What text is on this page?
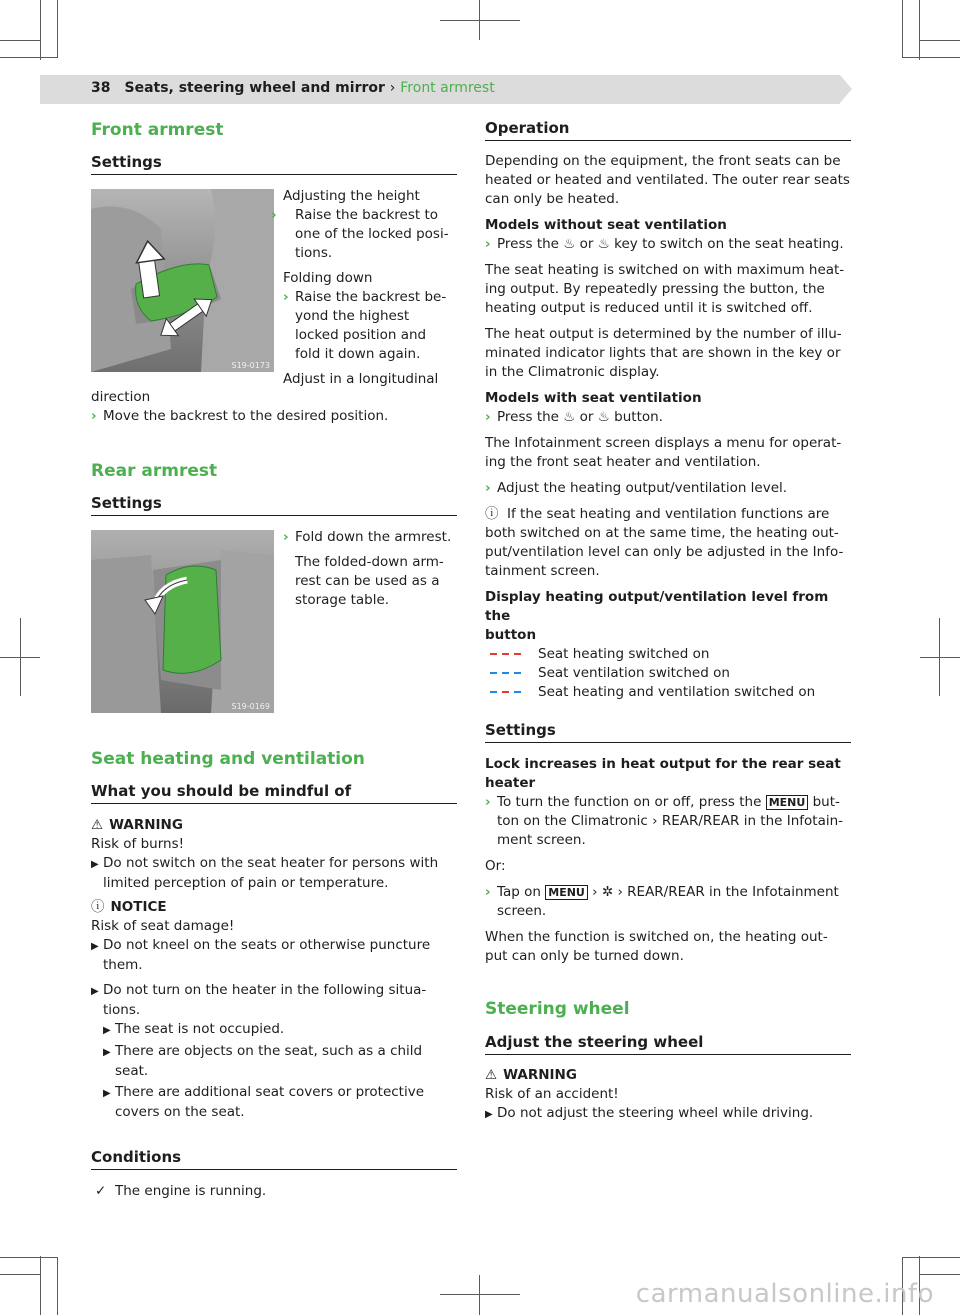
38 Seats, steering wheel and mirror › Front armrest
Front armrest
Settings
S19-0173
Adjusting the height
› Raise the backrest to
one of the locked posi-
tions.
Folding down
› Raise the backrest be-
yond the highest
locked position and
fold it down again.
Adjust in a longitudinal
direction
› Move the backrest to the desired position.
Rear armrest
Settings
S19-0169
› Fold down the armrest.
The folded-down arm-
rest can be used as a
storage table.
Seat heating and ventilation
What you should be mindful of
⚠ WARNING
Risk of burns!
▶ Do not switch on the seat heater for persons with
limited perception of pain or temperature.
ⓘ NOTICE
Risk of seat damage!
▶ Do not kneel on the seats or otherwise puncture
them.
▶ Do not turn on the heater in the following situa-
tions.
▶ The seat is not occupied.
▶ There are objects on the seat, such as a child
seat.
▶ There are additional seat covers or protective
covers on the seat.
Conditions
✓ The engine is running.
Operation
Depending on the equipment, the front seats can be
heated or heated and ventilated. The outer rear seats
can only be heated.
Models without seat ventilation
› Press the ♨ or ♨ key to switch on the seat heating.
The seat heating is switched on with maximum heat-
ing output. By repeatedly pressing the button, the
heating output is reduced until it is switched off.
The heat output is determined by the number of illu-
minated indicator lights that are shown in the key or
in the Climatronic display.
Models with seat ventilation
› Press the ♨ or ♨ button.
The Infotainment screen displays a menu for operat-
ing the front seat heater and ventilation.
› Adjust the heating output/ventilation level.
ⓘ If the seat heating and ventilation functions are
both switched on at the same time, the heating out-
put/ventilation level can only be adjusted in the Info-
tainment screen.
Display heating output/ventilation level from the
button
Seat heating switched on
Seat ventilation switched on
Seat heating and ventilation switched on
Settings
Lock increases in heat output for the rear seat
heater
› To turn the function on or off, press the MENU but-
ton on the Climatronic › REAR/REAR in the Infotain-
ment screen.
Or:
› Tap on MENU › ✲ › REAR/REAR in the Infotainment
screen.
When the function is switched on, the heating out-
put can only be turned down.
Steering wheel
Adjust the steering wheel
⚠ WARNING
Risk of an accident!
▶ Do not adjust the steering wheel while driving.
carmanualsonline.info
